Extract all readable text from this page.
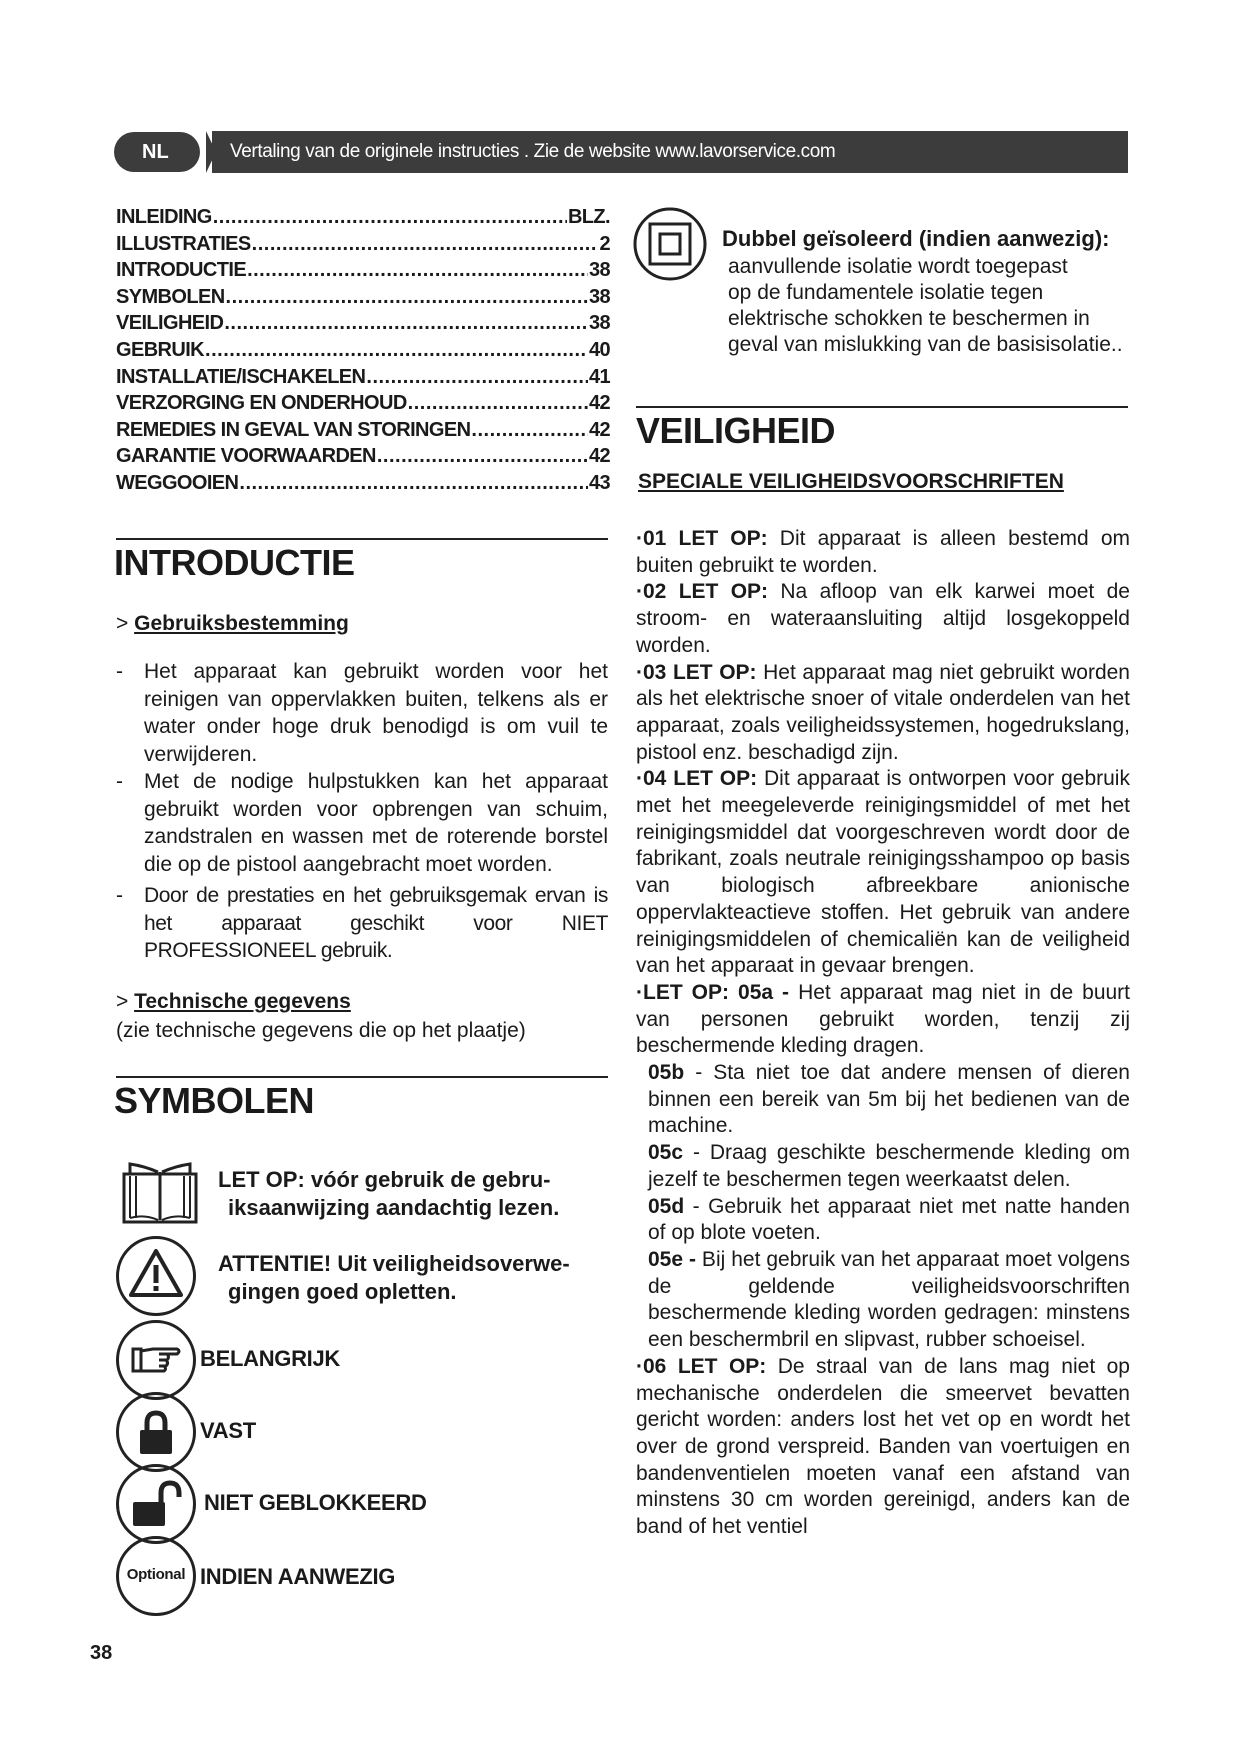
NL	Vertaling van de originele instructies . Zie de website www.lavorservice.com
INLEIDING .....	BLZ.
ILLUSTRATIES .....	2
INTRODUCTIE .....	38
SYMBOLEN .....	38
VEILIGHEID .....	38
GEBRUIK .....	40
INSTALLATIE/ISCHAKELEN .....	41
VERZORGING EN ONDERHOUD .....	42
REMEDIES IN GEVAL VAN STORINGEN .....	42
GARANTIE VOORWAARDEN .....	42
WEGGOOIEN .....	43
INTRODUCTIE
> Gebruiksbestemming
- Het apparaat kan gebruikt worden voor het reinigen van oppervlakken buiten, telkens als er water onder hoge druk benodigd is om vuil te verwijderen.
- Met de nodige hulpstukken kan het apparaat gebruikt worden voor opbrengen van schuim, zandstralen en wassen met de roterende borstel die op de pistool aangebracht moet worden.
- Door de prestaties en het gebruiksgemak ervan is het apparaat geschikt voor NIET PROFESSIONEEL gebruik.
> Technische gegevens
(zie technische gegevens die op het plaatje)
SYMBOLEN
LET OP: vóór gebruik de gebru-
iksaanwijzing aandachtig lezen.
ATTENTIE! Uit veiligheidsoverwe-
gingen goed opletten.
BELANGRIJK
VAST
NIET GEBLOKKEERD
Optional INDIEN AANWEZIG
38
Dubbel geïsoleerd (indien aanwezig):
aanvullende isolatie wordt toegepast
op de fundamentele isolatie tegen
elektrische schokken te beschermen in
geval van mislukking van de basisisolatie..
VEILIGHEID
SPECIALE VEILIGHEIDSVOORSCHRIFTEN
·01 LET OP: Dit apparaat is alleen bestemd om buiten gebruikt te worden.
·02 LET OP: Na afloop van elk karwei moet de stroom- en wateraansluiting altijd losgekoppeld worden.
·03 LET OP: Het apparaat mag niet gebruikt worden als het elektrische snoer of vitale onderdelen van het apparaat, zoals veiligheidssystemen, hogedrukslang, pistool enz. beschadigd zijn.
·04 LET OP: Dit apparaat is ontworpen voor gebruik met het meegeleverde reinigingsmiddel of met het reinigingsmiddel dat voorgeschreven wordt door de fabrikant, zoals neutrale reinigingsshampoo op basis van biologisch afbreekbare anionische oppervlakteactieve stoffen. Het gebruik van andere reinigingsmiddelen of chemicaliën kan de veiligheid van het apparaat in gevaar brengen.
·LET OP: 05a - Het apparaat mag niet in de buurt van personen gebruikt worden, tenzij zij beschermende kleding dragen.
05b - Sta niet toe dat andere mensen of dieren binnen een bereik van 5m bij het bedienen van de machine.
05c - Draag geschikte beschermende kleding om jezelf te beschermen tegen weerkaatst delen.
05d - Gebruik het apparaat niet met natte handen of op blote voeten.
05e - Bij het gebruik van het apparaat moet volgens de geldende veiligheidsvoorschriften beschermende kleding worden gedragen: minstens een beschermbril en slipvast, rubber schoeisel.
·06 LET OP: De straal van de lans mag niet op mechanische onderdelen die smeervet bevatten gericht worden: anders lost het vet op en wordt het over de grond verspreid. Banden van voertuigen en bandenventielen moeten vanaf een afstand van minstens 30 cm worden gereinigd, anders kan de band of het ventiel
